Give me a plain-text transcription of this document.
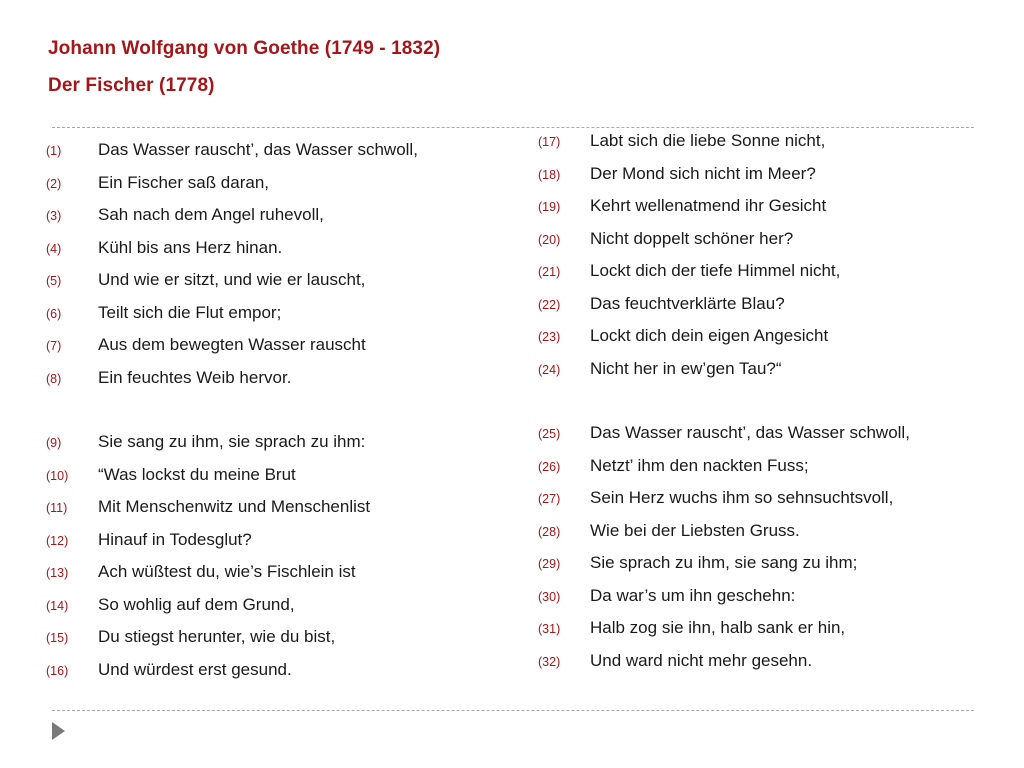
Johann Wolfgang von Goethe (1749 - 1832)
Der Fischer (1778)
(1) Das Wasser rauscht’, das Wasser schwoll,
(2) Ein Fischer saß daran,
(3) Sah nach dem Angel ruhevoll,
(4) Kühl bis ans Herz hinan.
(5) Und wie er sitzt, und wie er lauscht,
(6) Teilt sich die Flut empor;
(7) Aus dem bewegten Wasser rauscht
(8) Ein feuchtes Weib hervor.
(9) Sie sang zu ihm, sie sprach zu ihm:
(10) “Was lockst du meine Brut
(11) Mit Menschenwitz und Menschenlist
(12) Hinauf in Todesglut?
(13) Ach wüßtest du, wie’s Fischlein ist
(14) So wohlig auf dem Grund,
(15) Du stiegst herunter, wie du bist,
(16) Und würdest erst gesund.
(17) Labt sich die liebe Sonne nicht,
(18) Der Mond sich nicht im Meer?
(19) Kehrt wellenatmend ihr Gesicht
(20) Nicht doppelt schöner her?
(21) Lockt dich der tiefe Himmel nicht,
(22) Das feuchtverklärte Blau?
(23) Lockt dich dein eigen Angesicht
(24) Nicht her in ew’gen Tau?“
(25) Das Wasser rauscht’, das Wasser schwoll,
(26) Netzt’ ihm den nackten Fuss;
(27) Sein Herz wuchs ihm so sehnsuchtsvoll,
(28) Wie bei der Liebsten Gruss.
(29) Sie sprach zu ihm, sie sang zu ihm;
(30) Da war’s um ihn geschehn:
(31) Halb zog sie ihn, halb sank er hin,
(32) Und ward nicht mehr gesehn.
